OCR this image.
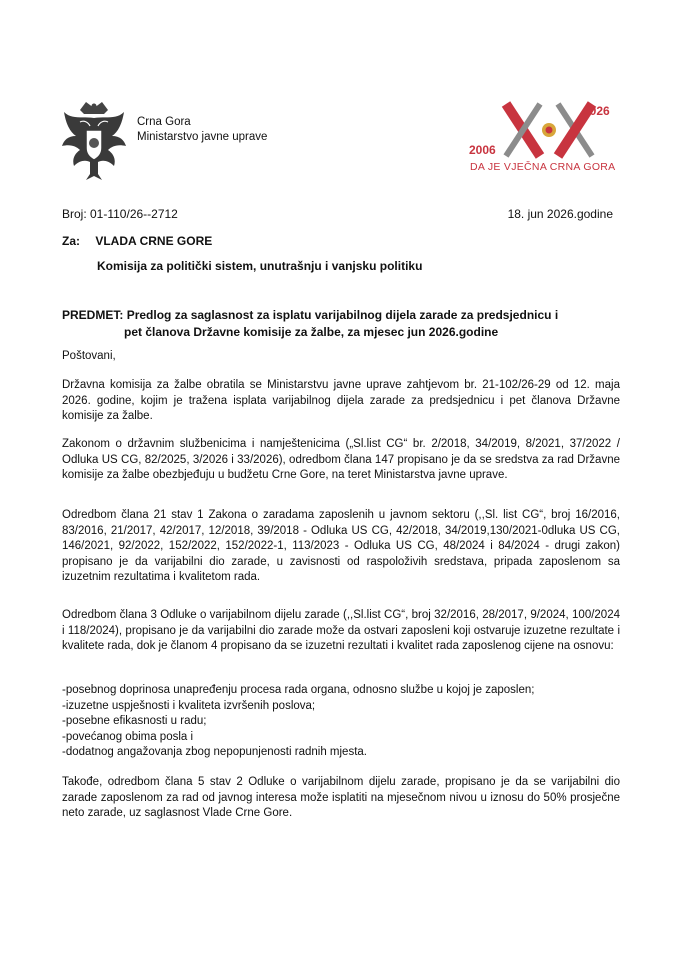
Crna Gora
Ministarstvo javne uprave
2026
2006
DA JE VJEČNA CRNA GORA
Broj: 01-110/26--2712	18. jun 2026.godine
Za: VLADA CRNE GORE
Komisija za politički sistem, unutrašnju i vanjsku politiku
PREDMET: Predlog za saglasnost za isplatu varijabilnog dijela zarade za predsjednicu i
pet članova Državne komisije za žalbe, za mjesec jun 2026.godine
Poštovani,
Državna komisija za žalbe obratila se Ministarstvu javne uprave zahtjevom br. 21-102/26-29 od 12. maja 2026. godine, kojim je tražena isplata varijabilnog dijela zarade za predsjednicu i pet članova Državne komisije za žalbe.
Zakonom o državnim službenicima i namještenicima („Sl.list CG“ br. 2/2018, 34/2019, 8/2021, 37/2022 / Odluka US CG, 82/2025, 3/2026 i 33/2026), odredbom člana 147 propisano je da se sredstva za rad Državne komisije za žalbe obezbjeđuju u budžetu Crne Gore, na teret Ministarstva javne uprave.
Odredbom člana 21 stav 1 Zakona o zaradama zaposlenih u javnom sektoru (,,Sl. list CG“, broj 16/2016, 83/2016, 21/2017, 42/2017, 12/2018, 39/2018 - Odluka US CG, 42/2018, 34/2019,130/2021-0dluka US CG, 146/2021, 92/2022, 152/2022, 152/2022-1, 113/2023 - Odluka US CG, 48/2024 i 84/2024 - drugi zakon) propisano je da varijabilni dio zarade, u zavisnosti od raspoloživih sredstava, pripada zaposlenom sa izuzetnim rezultatima i kvalitetom rada.
Odredbom člana 3 Odluke o varijabilnom dijelu zarade (,,Sl.list CG“, broj 32/2016, 28/2017, 9/2024, 100/2024 i 118/2024), propisano je da varijabilni dio zarade može da ostvari zaposleni koji ostvaruje izuzetne rezultate i kvalitete rada, dok je članom 4 propisano da se izuzetni rezultati i kvalitet rada zaposlenog cijene na osnovu:
-posebnog doprinosa unapređenju procesa rada organa, odnosno službe u kojoj je zaposlen;
-izuzetne uspješnosti i kvaliteta izvršenih poslova;
-posebne efikasnosti u radu;
-povećanog obima posla i
-dodatnog angažovanja zbog nepopunjenosti radnih mjesta.
Takođe, odredbom člana 5 stav 2 Odluke o varijabilnom dijelu zarade, propisano je da se varijabilni dio zarade zaposlenom za rad od javnog interesa može isplatiti na mjesečnom nivou u iznosu do 50% prosječne neto zarade, uz saglasnost Vlade Crne Gore.
